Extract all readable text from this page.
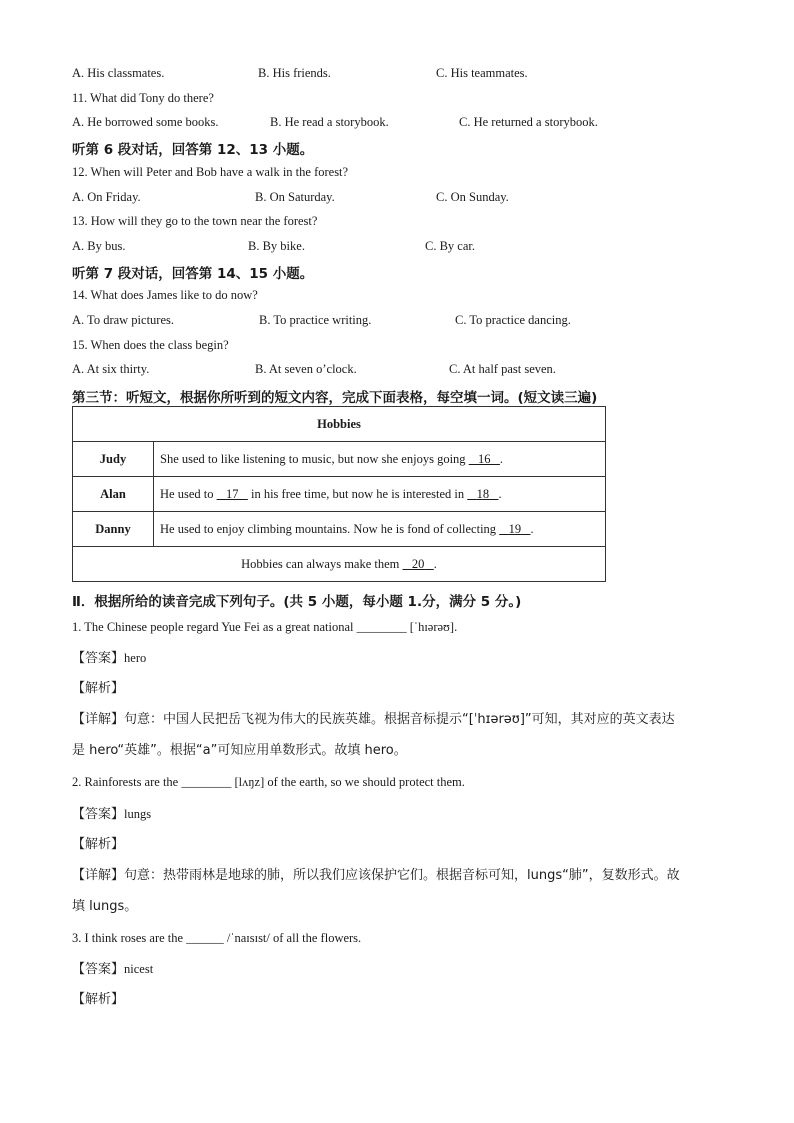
A. His classmates.	B. His friends.	C. His teammates.
11. What did Tony do there?
A. He borrowed some books.	B. He read a storybook.	C. He returned a storybook.
听第 6 段对话，回答第 12、13 小题。
12. When will Peter and Bob have a walk in the forest?
A. On Friday.	B. On Saturday.	C. On Sunday.
13. How will they go to the town near the forest?
A. By bus.	B. By bike.	C. By car.
听第 7 段对话，回答第 14、15 小题。
14. What does James like to do now?
A. To draw pictures.	B. To practice writing.	C. To practice dancing.
15. When does the class begin?
A. At six thirty.	B. At seven o’clock.	C. At half past seven.
第三节：听短文，根据你所听到的短文内容，完成下面表格，每空填一词。(短文读三遍)
Hobbies	
Judy	She used to like listening to music, but now she enjoys going    16 .
Alan	He used to    17    in his free time, but now he is interested in    18 .
Danny	He used to enjoy climbing mountains. Now he is fond of collecting    19 .
Hobbies can always make them    20 .	
Ⅱ．根据所给的读音完成下列句子。(共 5 小题，每小题 1.分，满分 5 分。)
1. The Chinese people regard Yue Fei as a great national ________ [ˈhɪərəʊ].
【答案】hero
【解析】
【详解】句意：中国人民把岳飞视为伟大的民族英雄。根据音标提示“[ˈhɪərəʊ]”可知，其对应的英文表达
是 hero“英雄”。根据“a”可知应用单数形式。故填 hero。
2. Rainforests are the ________ [lʌŋz] of the earth, so we should protect them.
【答案】lungs
【解析】
【详解】句意：热带雨林是地球的肺，所以我们应该保护它们。根据音标可知，lungs“肺”，复数形式。故
填 lungs。
3. I think roses are the ______ /ˈnaɪsɪst/ of all the flowers.
【答案】nicest
【解析】
